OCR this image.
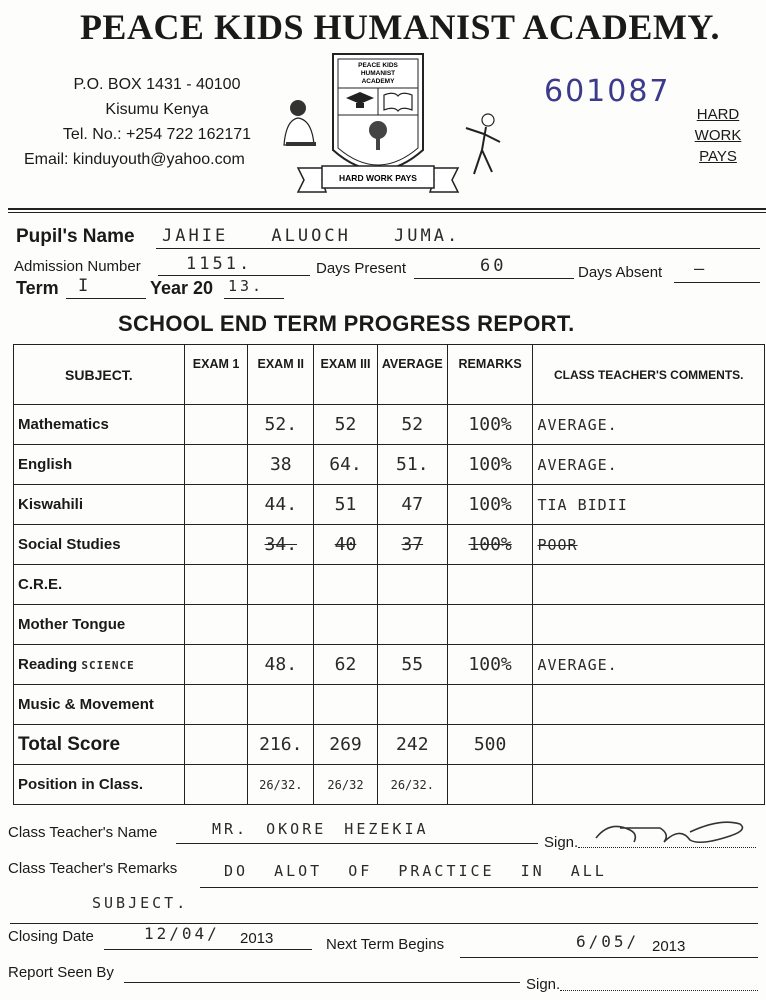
PEACE KIDS HUMANIST ACADEMY.
P.O. BOX 1431 - 40100
Kisumu Kenya
Tel. No.: +254 722 162171
Email: kinduyouth@yahoo.com
PEACE KIDS
HUMANIST
ACADEMY
HARD WORK PAYS
601087
HARD
WORK
PAYS
Pupil's Name JAHIE ALUOCH JUMA.
Admission Number	1151.	Days Present	60	Days Absent —
Term I	Year 20 13.
SCHOOL END TERM PROGRESS REPORT.
SUBJECT.	EXAM 1	EXAM II	EXAM III	AVERAGE	REMARKS	CLASS TEACHER'S COMMENTS.
Mathematics		52.	52	52	100%	AVERAGE.
English		38	64.	51.	100%	AVERAGE.
Kiswahili		44.	51	47	100%	TIA BIDII
Social Studies		34.	40	37	100%	POOR
C.R.E.						
Mother Tongue						
Reading SCIENCE		48.	62	55	100%	AVERAGE.
Music & Movement						
Total Score		216.	269	242	500	
Position in Class.		26/32.	26/32	26/32.		
Class Teacher's Name	MR. OKORE HEZEKIA
Sign.
Class Teacher's Remarks	DO ALOT OF PRACTICE IN ALL
SUBJECT.
Closing Date	12/04/ 2013	Next Term Begins	6/05/ 2013
Report Seen By
Sign.
